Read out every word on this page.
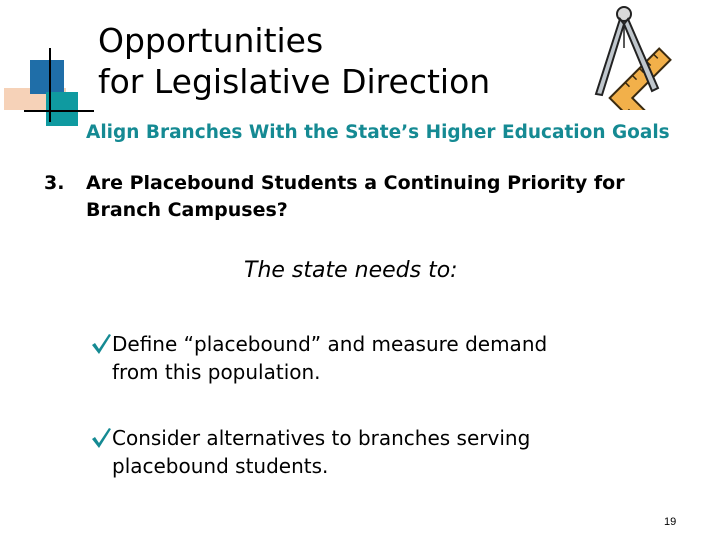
Opportunities
for Legislative Direction
Align Branches With the State’s Higher Education Goals
3.	Are Placebound Students a Continuing Priority for Branch Campuses?
The state needs to:
Define “placebound” and measure demand
from this population.
Consider alternatives to branches serving
placebound students.
19
